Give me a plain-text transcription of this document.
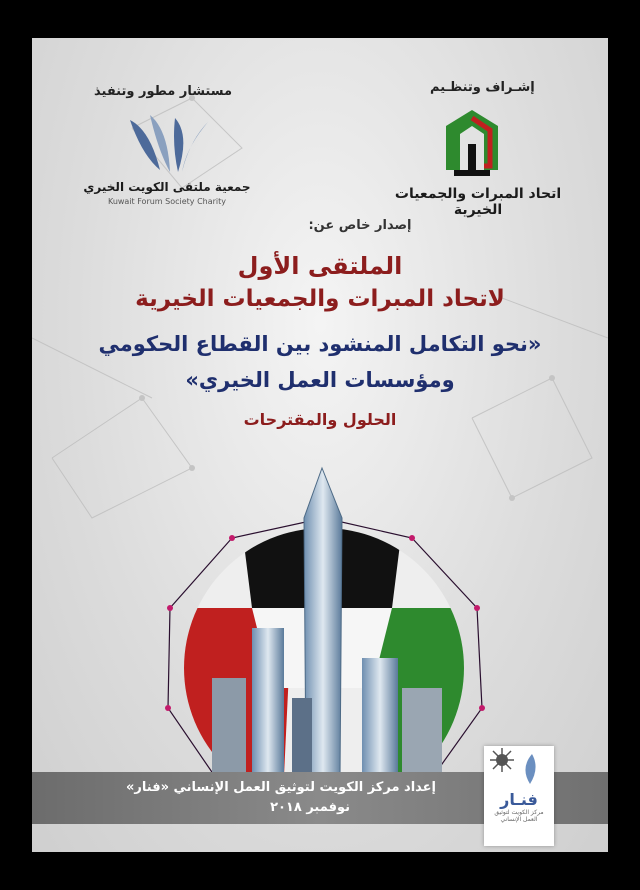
مستشار مطور وتنفيذ	إشـراف وتنظـيم
جمعية ملتقى الكويت الخيري
Kuwait Forum Society Charity	اتحاد المبرات والجمعيات الخيرية
إصدار خاص عن:
الملتقى الأول
لاتحاد المبرات والجمعيات الخيرية
«نحو التكامل المنشود بين القطاع الحكومي
ومؤسسات العمل الخيري»
الحلول والمقترحات
إعداد مركز الكويت لتوثيق العمل الإنساني «فنار»
نوفمبر ٢٠١٨	فنـار
مركز الكويت لتوثيق العمل الإنساني
